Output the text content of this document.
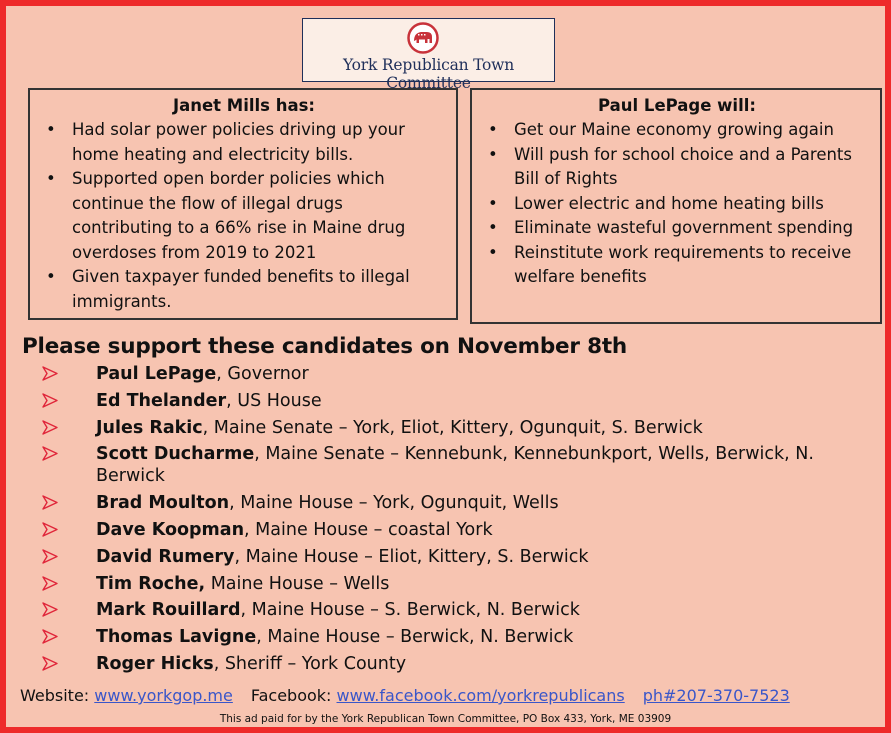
York Republican Town Committee
Janet Mills has:
• Had solar power policies driving up your home heating and electricity bills.
• Supported open border policies which continue the flow of illegal drugs contributing to a 66% rise in Maine drug overdoses from 2019 to 2021
• Given taxpayer funded benefits to illegal immigrants.
Paul LePage will:
• Get our Maine economy growing again
• Will push for school choice and a Parents Bill of Rights
• Lower electric and home heating bills
• Eliminate wasteful government spending
• Reinstitute work requirements to receive welfare benefits
Please support these candidates on November 8th
Paul LePage, Governor
Ed Thelander, US House
Jules Rakic, Maine Senate – York, Eliot, Kittery, Ogunquit, S. Berwick
Scott Ducharme, Maine Senate – Kennebunk, Kennebunkport, Wells, Berwick, N. Berwick
Brad Moulton, Maine House – York, Ogunquit, Wells
Dave Koopman, Maine House – coastal York
David Rumery, Maine House – Eliot, Kittery, S. Berwick
Tim Roche, Maine House – Wells
Mark Rouillard, Maine House – S. Berwick, N. Berwick
Thomas Lavigne, Maine House – Berwick, N. Berwick
Roger Hicks, Sheriff – York County
Website: www.yorkgop.me Facebook: www.facebook.com/yorkrepublicans ph#207-370-7523
This ad paid for by the York Republican Town Committee, PO Box 433, York, ME 03909
